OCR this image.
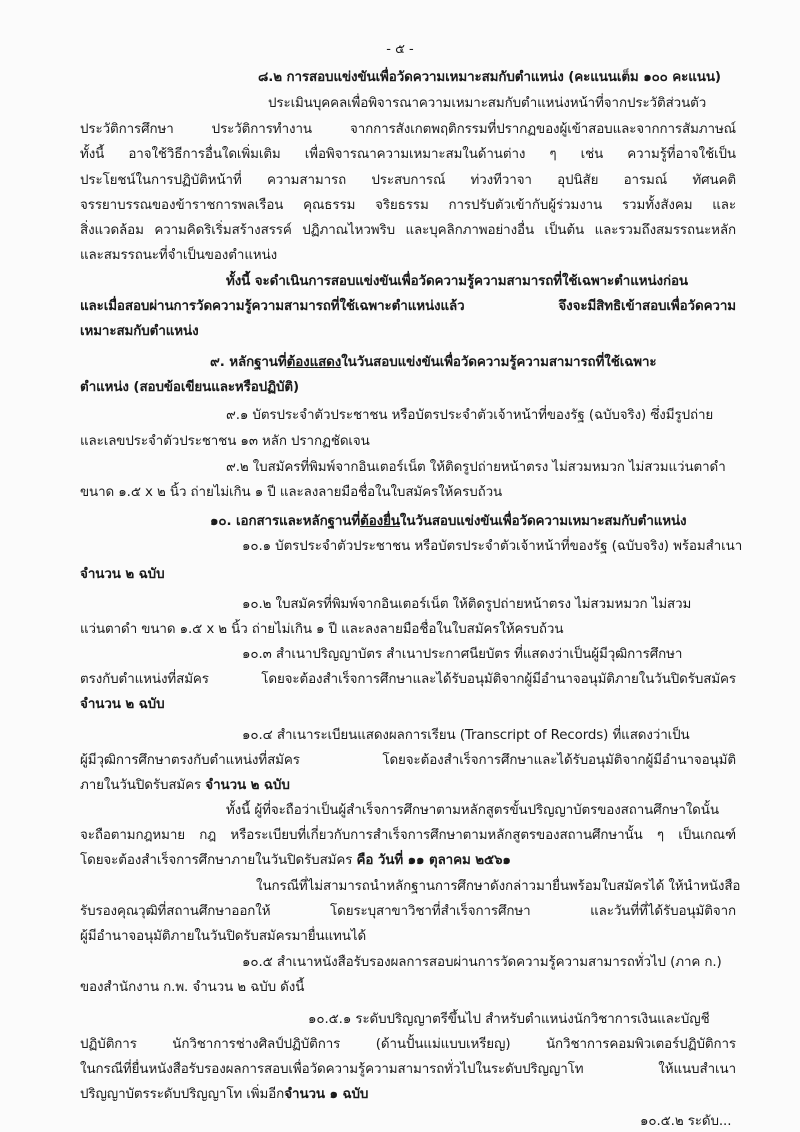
- ๕ -
๘.๒ การสอบแข่งขันเพื่อวัดความเหมาะสมกับตำแหน่ง (คะแนนเต็ม ๑๐๐ คะแนน)
ประเมินบุคคลเพื่อพิจารณาความเหมาะสมกับตำแหน่งหน้าที่จากประวัติส่วนตัว
ประวัติการศึกษา ประวัติการทำงาน จากการสังเกตพฤติกรรมที่ปรากฏของผู้เข้าสอบและจากการสัมภาษณ์
ทั้งนี้ อาจใช้วิธีการอื่นใดเพิ่มเติม เพื่อพิจารณาความเหมาะสมในด้านต่าง ๆ เช่น ความรู้ที่อาจใช้เป็น
ประโยชน์ในการปฏิบัติหน้าที่ ความสามารถ ประสบการณ์ ท่วงทีวาจา อุปนิสัย อารมณ์ ทัศนคติ
จรรยาบรรณของข้าราชการพลเรือน คุณธรรม จริยธรรม การปรับตัวเข้ากับผู้ร่วมงาน รวมทั้งสังคม และ
สิ่งแวดล้อม ความคิดริเริ่มสร้างสรรค์ ปฏิภาณไหวพริบ และบุคลิกภาพอย่างอื่น เป็นต้น และรวมถึงสมรรถนะหลัก
และสมรรถนะที่จำเป็นของตำแหน่ง
ทั้งนี้ จะดำเนินการสอบแข่งขันเพื่อวัดความรู้ความสามารถที่ใช้เฉพาะตำแหน่งก่อน
และเมื่อสอบผ่านการวัดความรู้ความสามารถที่ใช้เฉพาะตำแหน่งแล้ว จึงจะมีสิทธิเข้าสอบเพื่อวัดความ
เหมาะสมกับตำแหน่ง
๙. หลักฐานที่ต้องแสดงในวันสอบแข่งขันเพื่อวัดความรู้ความสามารถที่ใช้เฉพาะ
ตำแหน่ง (สอบข้อเขียนและหรือปฏิบัติ)
๙.๑ บัตรประจำตัวประชาชน หรือบัตรประจำตัวเจ้าหน้าที่ของรัฐ (ฉบับจริง) ซึ่งมีรูปถ่าย
และเลขประจำตัวประชาชน ๑๓ หลัก ปรากฏชัดเจน
๙.๒ ใบสมัครที่พิมพ์จากอินเตอร์เน็ต ให้ติดรูปถ่ายหน้าตรง ไม่สวมหมวก ไม่สวมแว่นตาดำ
ขนาด ๑.๕ x ๒ นิ้ว ถ่ายไม่เกิน ๑ ปี และลงลายมือชื่อในใบสมัครให้ครบถ้วน
๑๐. เอกสารและหลักฐานที่ต้องยื่นในวันสอบแข่งขันเพื่อวัดความเหมาะสมกับตำแหน่ง
๑๐.๑ บัตรประจำตัวประชาชน หรือบัตรประจำตัวเจ้าหน้าที่ของรัฐ (ฉบับจริง) พร้อมสำเนา
จำนวน ๒ ฉบับ
๑๐.๒ ใบสมัครที่พิมพ์จากอินเตอร์เน็ต ให้ติดรูปถ่ายหน้าตรง ไม่สวมหมวก ไม่สวม
แว่นตาดำ ขนาด ๑.๕ x ๒ นิ้ว ถ่ายไม่เกิน ๑ ปี และลงลายมือชื่อในใบสมัครให้ครบถ้วน
๑๐.๓ สำเนาปริญญาบัตร สำเนาประกาศนียบัตร ที่แสดงว่าเป็นผู้มีวุฒิการศึกษา
ตรงกับตำแหน่งที่สมัคร โดยจะต้องสำเร็จการศึกษาและได้รับอนุมัติจากผู้มีอำนาจอนุมัติภายในวันปิดรับสมัคร
จำนวน ๒ ฉบับ
๑๐.๔ สำเนาระเบียนแสดงผลการเรียน (Transcript of Records) ที่แสดงว่าเป็น
ผู้มีวุฒิการศึกษาตรงกับตำแหน่งที่สมัคร โดยจะต้องสำเร็จการศึกษาและได้รับอนุมัติจากผู้มีอำนาจอนุมัติ
ภายในวันปิดรับสมัคร จำนวน ๒ ฉบับ
ทั้งนี้ ผู้ที่จะถือว่าเป็นผู้สำเร็จการศึกษาตามหลักสูตรขั้นปริญญาบัตรของสถานศึกษาใดนั้น
จะถือตามกฎหมาย กฎ หรือระเบียบที่เกี่ยวกับการสำเร็จการศึกษาตามหลักสูตรของสถานศึกษานั้น ๆ เป็นเกณฑ์
โดยจะต้องสำเร็จการศึกษาภายในวันปิดรับสมัคร คือ วันที่ ๑๑ ตุลาคม ๒๕๖๑
ในกรณีที่ไม่สามารถนำหลักฐานการศึกษาดังกล่าวมายื่นพร้อมใบสมัครได้ ให้นำหนังสือ
รับรองคุณวุฒิที่สถานศึกษาออกให้ โดยระบุสาขาวิชาที่สำเร็จการศึกษา และวันที่ที่ได้รับอนุมัติจาก
ผู้มีอำนาจอนุมัติภายในวันปิดรับสมัครมายื่นแทนได้
๑๐.๕ สำเนาหนังสือรับรองผลการสอบผ่านการวัดความรู้ความสามารถทั่วไป (ภาค ก.)
ของสำนักงาน ก.พ. จำนวน ๒ ฉบับ ดังนี้
๑๐.๕.๑ ระดับปริญญาตรีขึ้นไป สำหรับตำแหน่งนักวิชาการเงินและบัญชี
ปฏิบัติการ นักวิชาการช่างศิลป์ปฏิบัติการ (ด้านปั้นแม่แบบเหรียญ) นักวิชาการคอมพิวเตอร์ปฏิบัติการ
ในกรณีที่ยื่นหนังสือรับรองผลการสอบเพื่อวัดความรู้ความสามารถทั่วไปในระดับปริญญาโท ให้แนบสำเนา
ปริญญาบัตรระดับปริญญาโท เพิ่มอีกจำนวน ๑ ฉบับ
๑๐.๕.๒ ระดับ...
